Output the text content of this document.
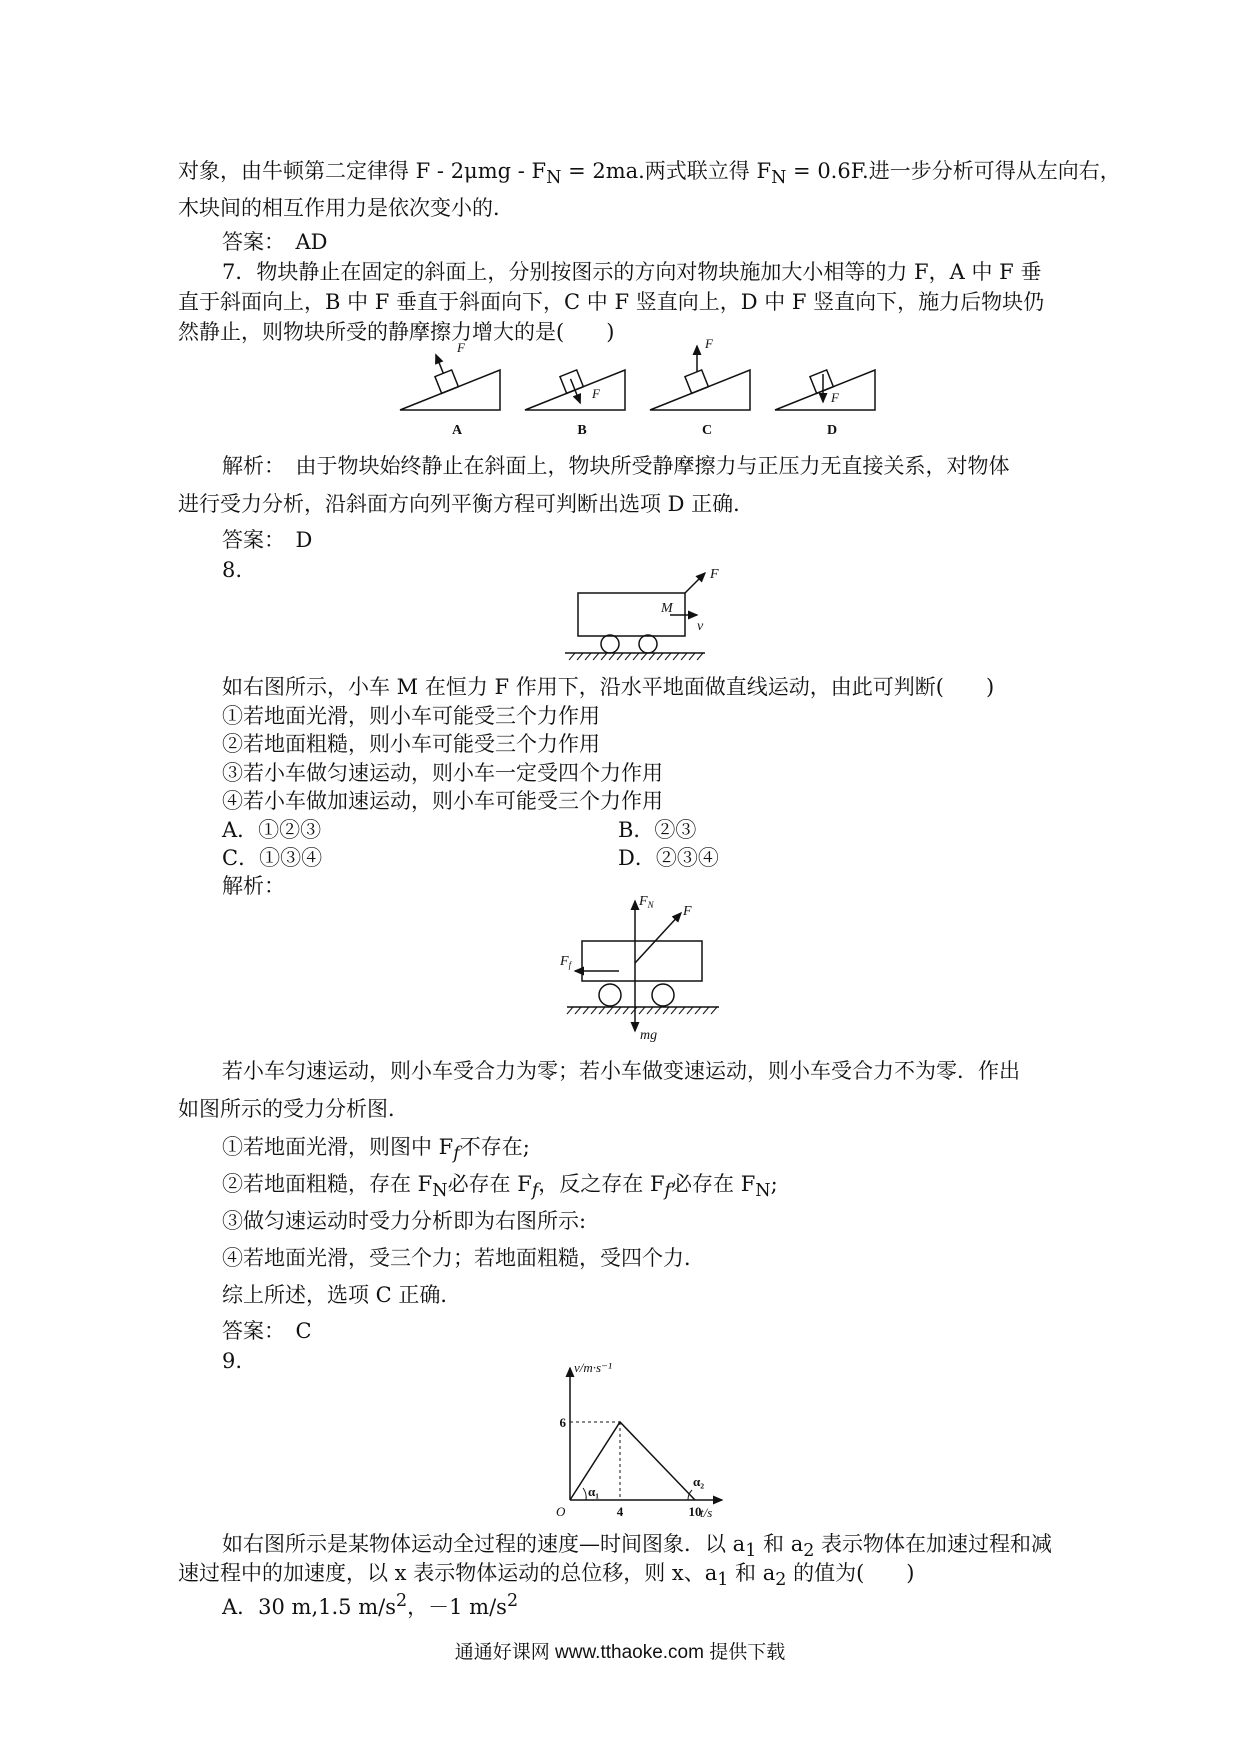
对象，由牛顿第二定律得 $F - 2\mu mg - F_N = 2ma$.两式联立得 $F_N = 0.6F$.进一步分析可得从左向右，
木块间的相互作用力是依次变小的．
答案：　AD
7．物块静止在固定的斜面上，分别按图示的方向对物块施加大小相等的力 F，A 中 F 垂
直于斜面向上，B 中 F 垂直于斜面向下，C 中 F 竖直向上，D 中 F 竖直向下，施力后物块仍
然静止，则物块所受的静摩擦力增大的是(　　)
F
F
F
F
A	B	C	D
解析：　由于物块始终静止在斜面上，物块所受静摩擦力与正压力无直接关系，对物体
进行受力分析，沿斜面方向列平衡方程可判断出选项 D 正确．
答案：　D
8.	F
M
v
如右图所示，小车 M 在恒力 F 作用下，沿水平地面做直线运动，由此可判断(　　)
①若地面光滑，则小车可能受三个力作用
②若地面粗糙，则小车可能受三个力作用
③若小车做匀速运动，则小车一定受四个力作用
④若小车做加速运动，则小车可能受三个力作用
A．①②③	B．②③
C．①③④	D．②③④
解析：
$F_N$ F
$F_f$
mg
若小车匀速运动，则小车受合力为零；若小车做变速运动，则小车受合力不为零．作出
如图所示的受力分析图．
①若地面光滑，则图中 $F_f$不存在;
②若地面粗糙，存在 $F_N$必存在 $F_f$，反之存在 $F_f$必存在 $F_N$;
③做匀速运动时受力分析即为右图所示:
④若地面光滑，受三个力；若地面粗糙，受四个力．
综上所述，选项 C 正确．
答案：　C
9.	v/m·s⁻¹
t/s
O	4	10
6
α₁
α₂
如右图所示是某物体运动全过程的速度—时间图象．以 $a_1$ 和 $a_2$ 表示物体在加速过程和减
速过程中的加速度，以 x 表示物体运动的总位移，则 x、$a_1$ 和 $a_2$ 的值为(　　)
A．30 m,1.5 $m/s^2$，－1 $m/s^2$
通通好课网 www.tthaoke.com 提供下载
